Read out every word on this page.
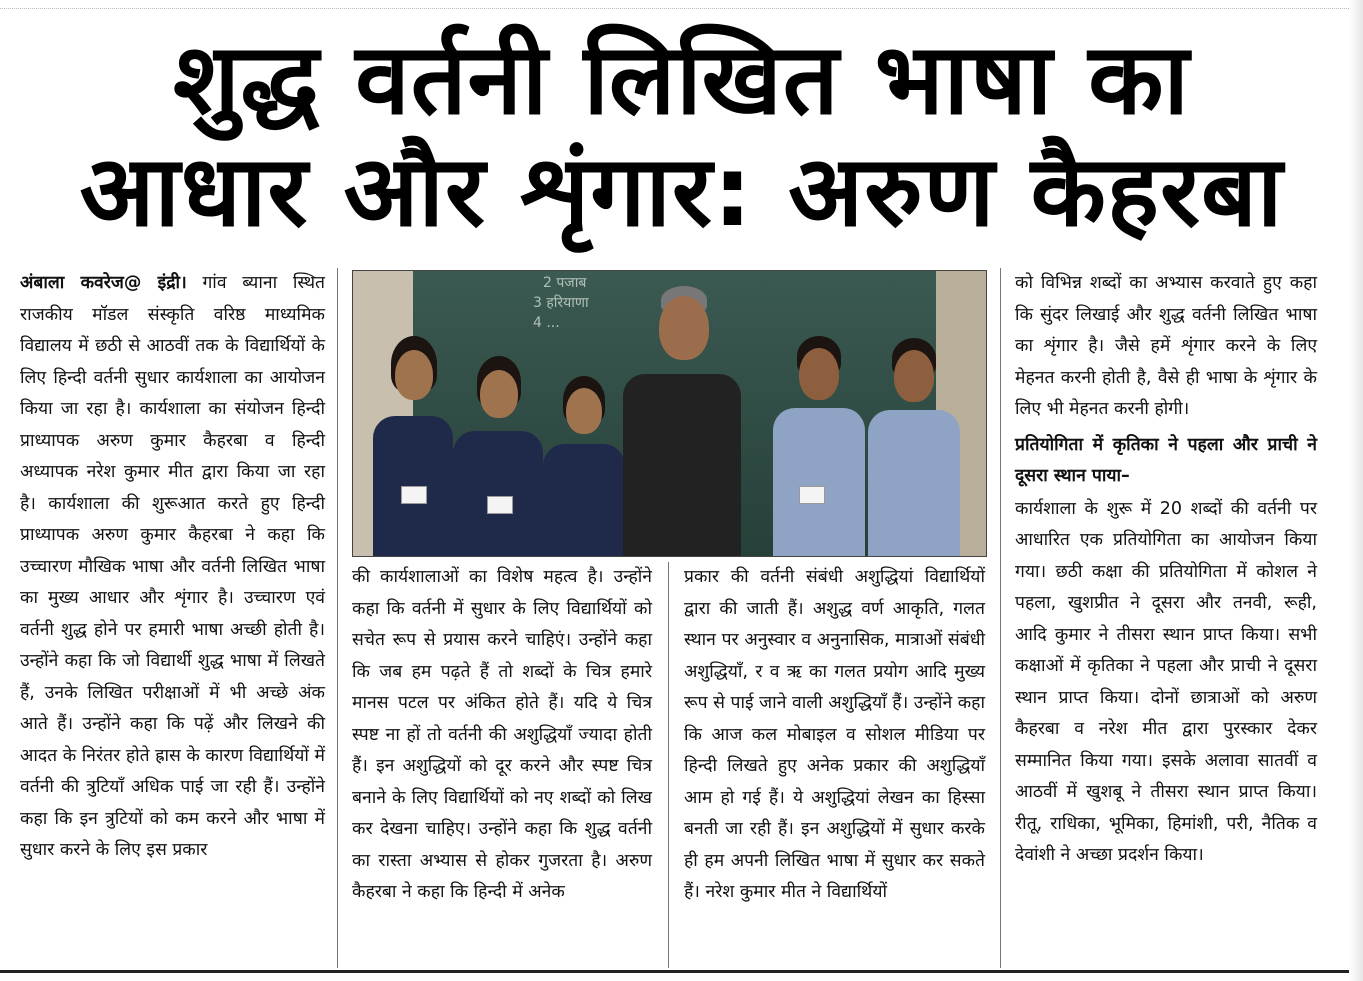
शुद्ध वर्तनी लिखित भाषा का
आधार और शृंगार: अरुण कैहरबा

अंबाला कवरेज@ इंद्री। गांव ब्याना स्थित राजकीय मॉडल संस्कृति वरिष्ठ माध्यमिक विद्यालय में छठी से आठवीं तक के विद्यार्थियों के लिए हिन्दी वर्तनी सुधार कार्यशाला का आयोजन किया जा रहा है। कार्यशाला का संयोजन हिन्दी प्राध्यापक अरुण कुमार कैहरबा व हिन्दी अध्यापक नरेश कुमार मीत द्वारा किया जा रहा है। कार्यशाला की शुरूआत करते हुए हिन्दी प्राध्यापक अरुण कुमार कैहरबा ने कहा कि उच्चारण मौखिक भाषा और वर्तनी लिखित भाषा का मुख्य आधार और शृंगार है। उच्चारण एवं वर्तनी शुद्ध होने पर हमारी भाषा अच्छी होती है। उन्होंने कहा कि जो विद्यार्थी शुद्ध भाषा में लिखते हैं, उनके लिखित परीक्षाओं में भी अच्छे अंक आते हैं। उन्होंने कहा कि पढ़ें और लिखने की आदत के निरंतर होते ह्रास के कारण विद्यार्थियों में वर्तनी की त्रुटियाँ अधिक पाई जा रही हैं। उन्होंने कहा कि इन त्रुटियों को कम करने और भाषा में सुधार करने के लिए इस प्रकार

2 पजाब
3 हरियाणा
4 ...

की कार्यशालाओं का विशेष महत्व है। उन्होंने कहा कि वर्तनी में सुधार के लिए विद्यार्थियों को सचेत रूप से प्रयास करने चाहिएं। उन्होंने कहा कि जब हम पढ़ते हैं तो शब्दों के चित्र हमारे मानस पटल पर अंकित होते हैं। यदि ये चित्र स्पष्ट ना हों तो वर्तनी की अशुद्धियाँ ज्यादा होती हैं। इन अशुद्धियों को दूर करने और स्पष्ट चित्र बनाने के लिए विद्यार्थियों को नए शब्दों को लिख कर देखना चाहिए। उन्होंने कहा कि शुद्ध वर्तनी का रास्ता अभ्यास से होकर गुजरता है। अरुण कैहरबा ने कहा कि हिन्दी में अनेक

प्रकार की वर्तनी संबंधी अशुद्धियां विद्यार्थियों द्वारा की जाती हैं। अशुद्ध वर्ण आकृति, गलत स्थान पर अनुस्वार व अनुनासिक, मात्राओं संबंधी अशुद्धियाँ, र व ऋ का गलत प्रयोग आदि मुख्य रूप से पाई जाने वाली अशुद्धियाँ हैं। उन्होंने कहा कि आज कल मोबाइल व सोशल मीडिया पर हिन्दी लिखते हुए अनेक प्रकार की अशुद्धियाँ आम हो गई हैं। ये अशुद्धियां लेखन का हिस्सा बनती जा रही हैं। इन अशुद्धियों में सुधार करके ही हम अपनी लिखित भाषा में सुधार कर सकते हैं। नरेश कुमार मीत ने विद्यार्थियों

को विभिन्न शब्दों का अभ्यास करवाते हुए कहा कि सुंदर लिखाई और शुद्ध वर्तनी लिखित भाषा का शृंगार है। जैसे हमें शृंगार करने के लिए मेहनत करनी होती है, वैसे ही भाषा के शृंगार के लिए भी मेहनत करनी होगी।

प्रतियोगिता में कृतिका ने पहला और प्राची ने दूसरा स्थान पाया–

कार्यशाला के शुरू में 20 शब्दों की वर्तनी पर आधारित एक प्रतियोगिता का आयोजन किया गया। छठी कक्षा की प्रतियोगिता में कोशल ने पहला, खुशप्रीत ने दूसरा और तनवी, रूही, आदि कुमार ने तीसरा स्थान प्राप्त किया। सभी कक्षाओं में कृतिका ने पहला और प्राची ने दूसरा स्थान प्राप्त किया। दोनों छात्राओं को अरुण कैहरबा व नरेश मीत द्वारा पुरस्कार देकर सम्मानित किया गया। इसके अलावा सातवीं व आठवीं में खुशबू ने तीसरा स्थान प्राप्त किया। रीतू, राधिका, भूमिका, हिमांशी, परी, नैतिक व देवांशी ने अच्छा प्रदर्शन किया।
